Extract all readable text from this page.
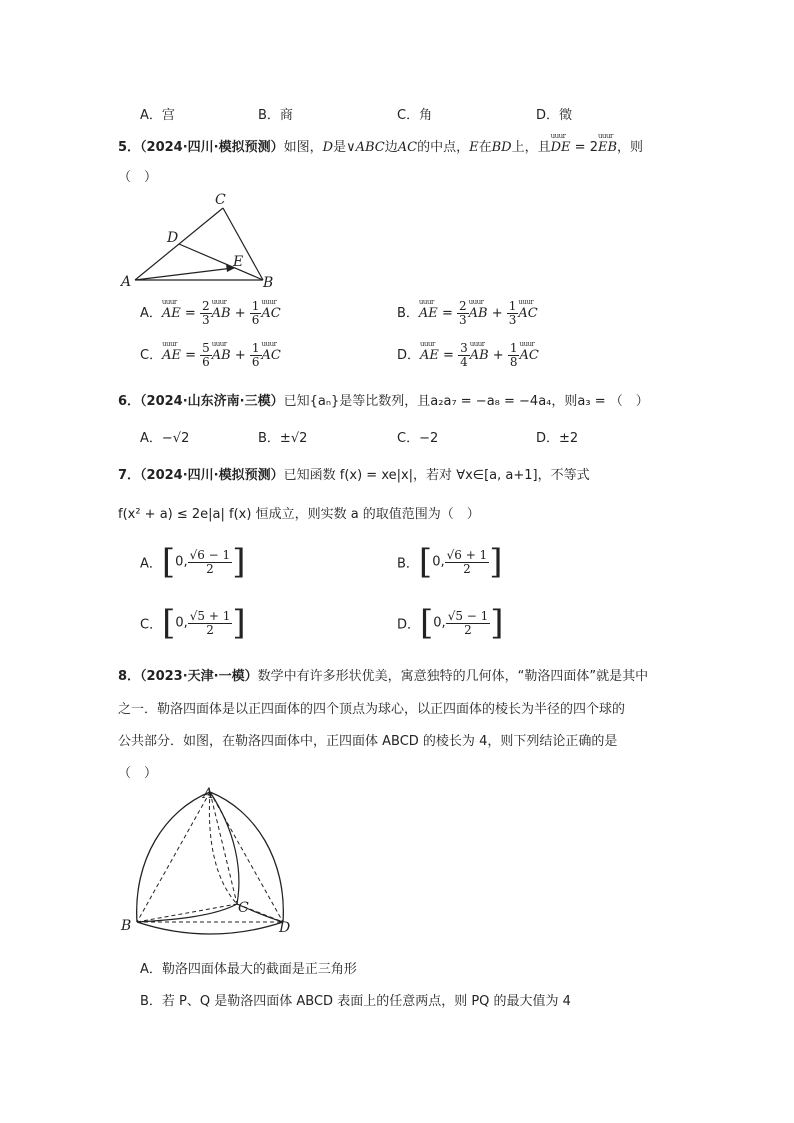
A．宫	B．商	C．角	D．徵
5．（2024·四川·模拟预测）如图，D是∨ABC边AC的中点，E在BD上，且uuur DE = 2uuur EB，则
（　）
C
D
E
A	B
A．uuur AE = $\frac{2}{3}$ uuur AB + $\frac{1}{6}$ uuur AC	B．uuur AE = $\frac{2}{3}$ uuur AB + $\frac{1}{3}$ uuur AC
C．uuur AE = $\frac{5}{6}$ uuur AB + $\frac{1}{6}$ uuur AC	D．uuur AE = $\frac{3}{4}$ uuur AB + $\frac{1}{8}$ uuur AC
6．（2024·山东济南·三模）已知{aₙ}是等比数列，且a₂a₇ = −a₈ = −4a₄，则a₃ = （　）
A．−√2	B．±√2	C．−2	D．±2
7．（2024·四川·模拟预测）已知函数 f(x) = xe|x|，若对 ∀x∈[a, a+1]，不等式
f(x² + a) ≤ 2e|a| f(x) 恒成立，则实数 a 的取值范围为（　）
A．[0, $\frac{√6 - 1}{2}$ ]	B．[0, $\frac{√6 + 1}{2}$ ]
C．[0, $\frac{√5 + 1}{2}$ ]	D．[0, $\frac{√5 - 1}{2}$ ]
8．（2023·天津·一模）数学中有许多形状优美，寓意独特的几何体，“勒洛四面体”就是其中
之一．勒洛四面体是以正四面体的四个顶点为球心，以正四面体的棱长为半径的四个球的
公共部分．如图，在勒洛四面体中，正四面体 ABCD 的棱长为 4，则下列结论正确的是
（　）
A
C
B	D
A．勒洛四面体最大的截面是正三角形
B．若 P、Q 是勒洛四面体 ABCD 表面上的任意两点，则 PQ 的最大值为 4
